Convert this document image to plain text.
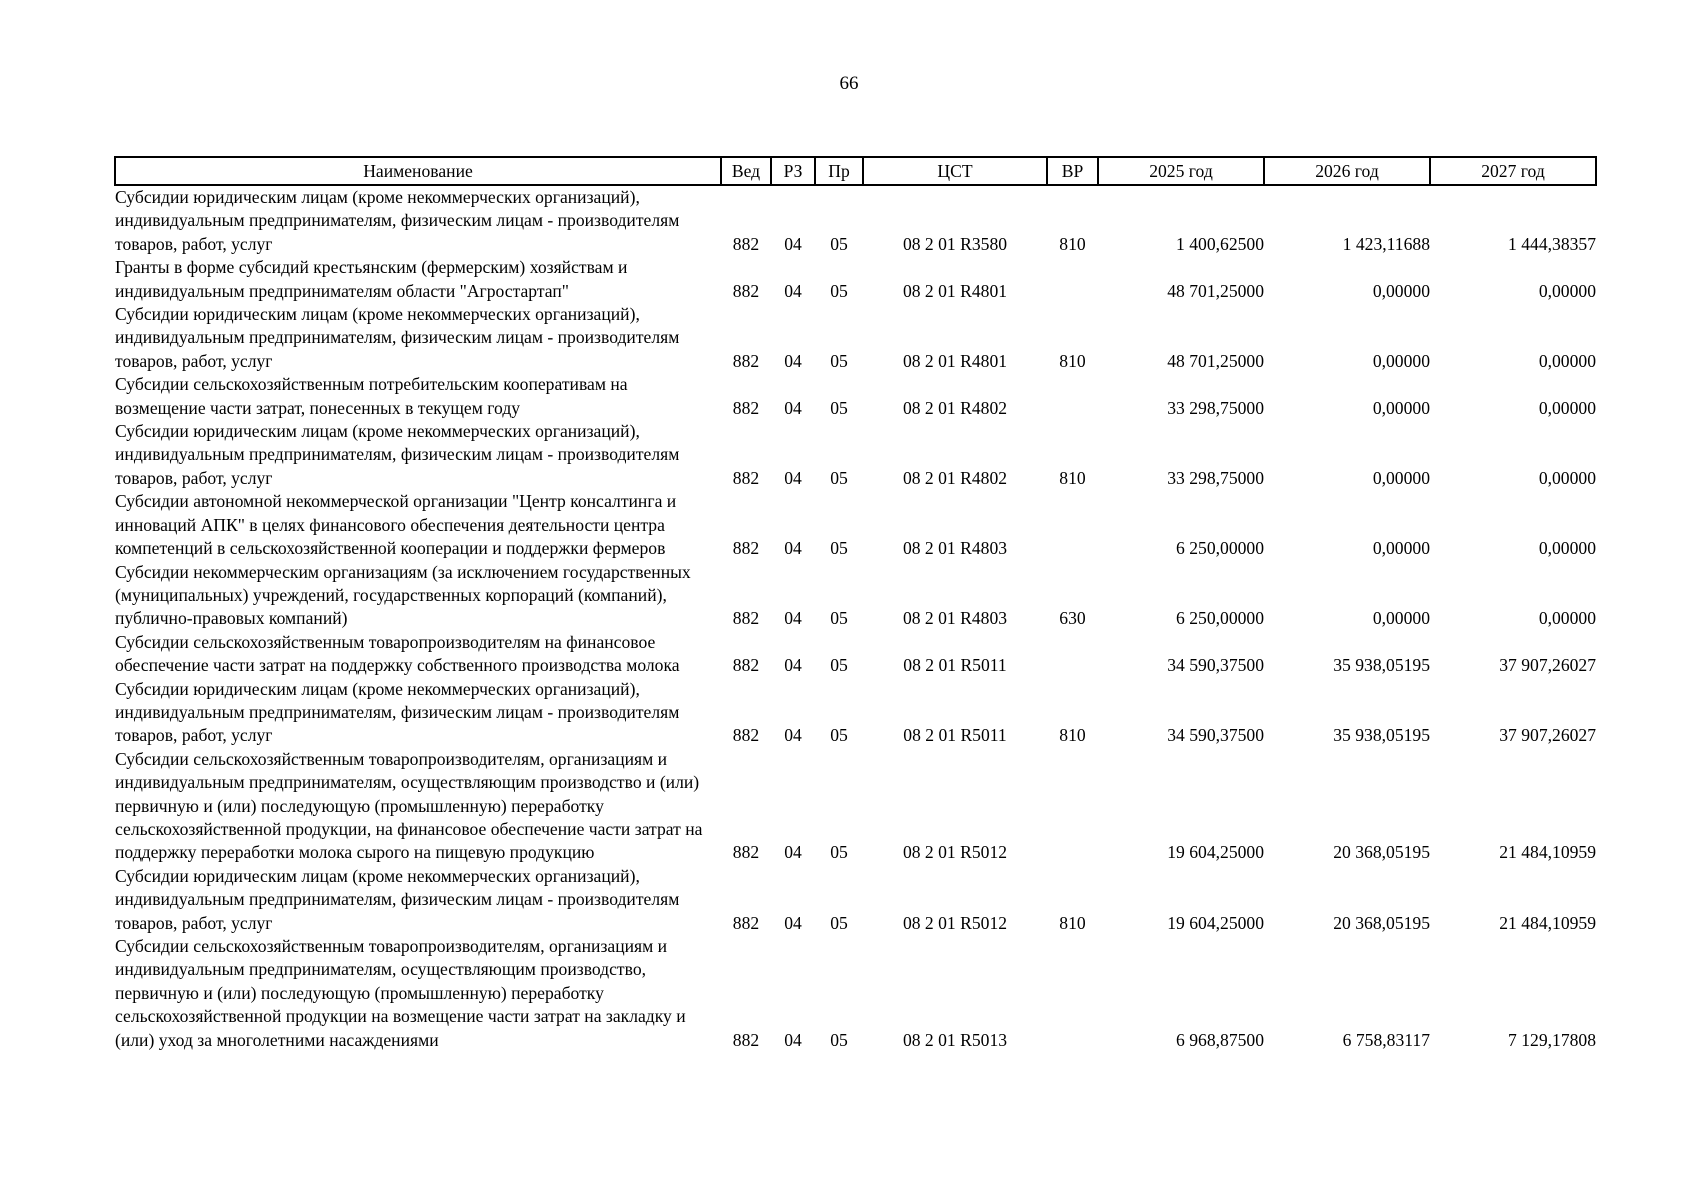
66
Наименование	Вед	РЗ	Пр	ЦСТ	ВР	2025 год	2026 год	2027 год
Субсидии юридическим лицам (кроме некоммерческих организаций), индивидуальным предпринимателям, физическим лицам - производителям товаров, работ, услуг	882	04	05	08 2 01 R3580	810	1 400,62500	1 423,11688	1 444,38357
Гранты в форме субсидий крестьянским (фермерским) хозяйствам и индивидуальным предпринимателям области "Агростартап"	882	04	05	08 2 01 R4801		48 701,25000	0,00000	0,00000
Субсидии юридическим лицам (кроме некоммерческих организаций), индивидуальным предпринимателям, физическим лицам - производителям товаров, работ, услуг	882	04	05	08 2 01 R4801	810	48 701,25000	0,00000	0,00000
Субсидии сельскохозяйственным потребительским кооперативам на возмещение части затрат, понесенных в текущем году	882	04	05	08 2 01 R4802		33 298,75000	0,00000	0,00000
Субсидии юридическим лицам (кроме некоммерческих организаций), индивидуальным предпринимателям, физическим лицам - производителям товаров, работ, услуг	882	04	05	08 2 01 R4802	810	33 298,75000	0,00000	0,00000
Субсидии автономной некоммерческой организации "Центр консалтинга и инноваций АПК" в целях финансового обеспечения деятельности центра компетенций в сельскохозяйственной кооперации и поддержки фермеров	882	04	05	08 2 01 R4803		6 250,00000	0,00000	0,00000
Субсидии некоммерческим организациям (за исключением государственных (муниципальных) учреждений, государственных корпораций (компаний), публично-правовых компаний)	882	04	05	08 2 01 R4803	630	6 250,00000	0,00000	0,00000
Субсидии сельскохозяйственным товаропроизводителям на финансовое обеспечение части затрат на поддержку собственного производства молока	882	04	05	08 2 01 R5011		34 590,37500	35 938,05195	37 907,26027
Субсидии юридическим лицам (кроме некоммерческих организаций), индивидуальным предпринимателям, физическим лицам - производителям товаров, работ, услуг	882	04	05	08 2 01 R5011	810	34 590,37500	35 938,05195	37 907,26027
Субсидии сельскохозяйственным товаропроизводителям, организациям и индивидуальным предпринимателям, осуществляющим производство и (или) первичную и (или) последующую (промышленную) переработку сельскохозяйственной продукции, на финансовое обеспечение части затрат на поддержку переработки молока сырого на пищевую продукцию	882	04	05	08 2 01 R5012		19 604,25000	20 368,05195	21 484,10959
Субсидии юридическим лицам (кроме некоммерческих организаций), индивидуальным предпринимателям, физическим лицам - производителям товаров, работ, услуг	882	04	05	08 2 01 R5012	810	19 604,25000	20 368,05195	21 484,10959
Субсидии сельскохозяйственным товаропроизводителям, организациям и индивидуальным предпринимателям, осуществляющим производство, первичную и (или) последующую (промышленную) переработку сельскохозяйственной продукции на возмещение части затрат на закладку и (или) уход за многолетними насаждениями	882	04	05	08 2 01 R5013		6 968,87500	6 758,83117	7 129,17808
